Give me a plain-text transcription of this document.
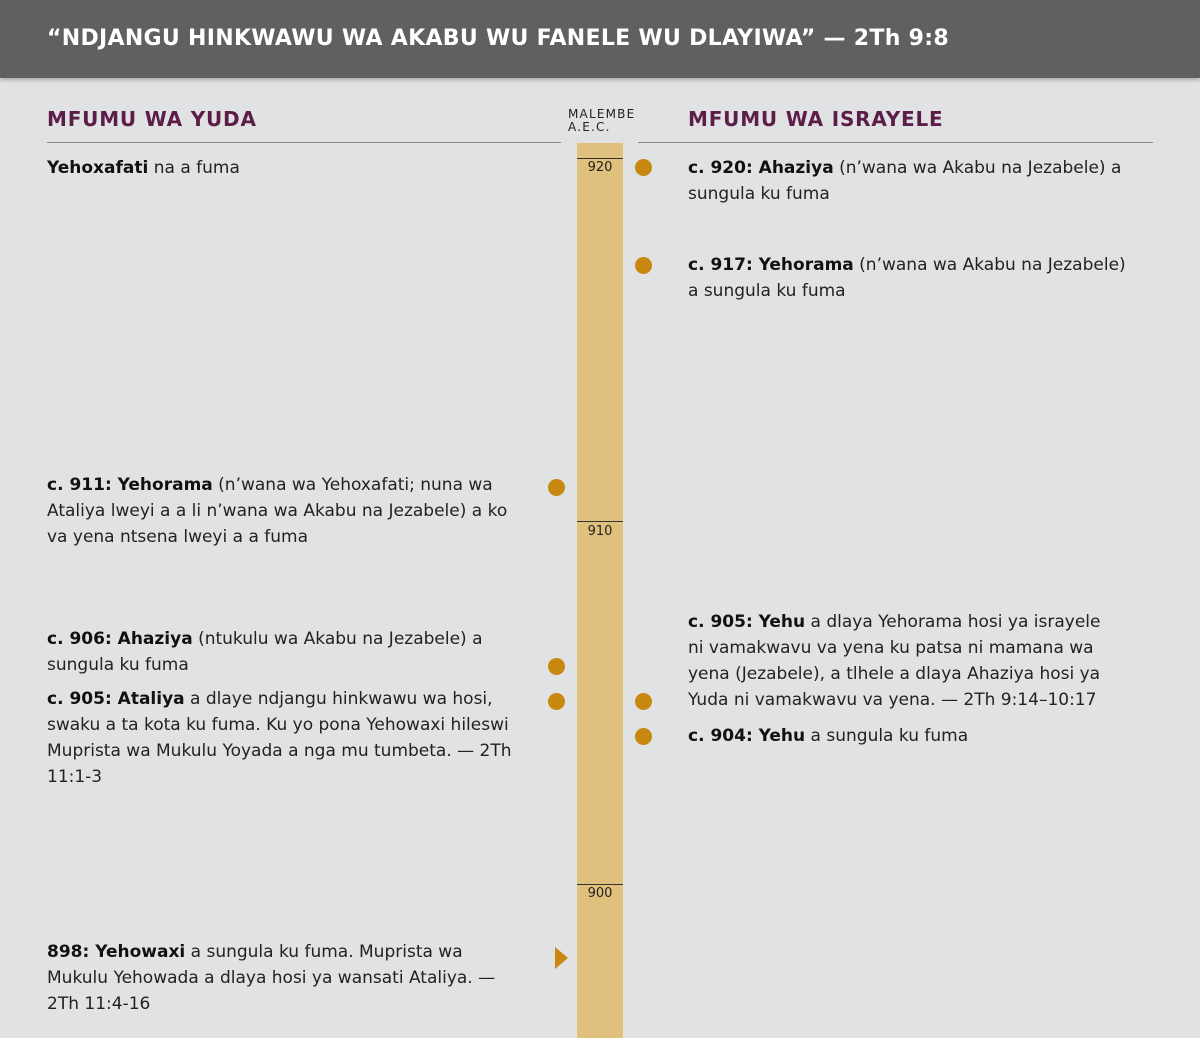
“NDJANGU HINKWAWU WA AKABU WU FANELE WU DLAYIWA” — 2Th 9:8
MFUMU WA YUDA	MALEMBE
A.E.C.	MFUMU WA ISRAYELE
920
910
900
Yehoxafati na a fuma
c. 911: Yehorama (n’wana wa Yehoxafati; nuna wa Ataliya lweyi a a li n’wana wa Akabu na Jezabele) a ko va yena ntsena lweyi a a fuma
c. 906: Ahaziya (ntukulu wa Akabu na Jezabele) a sungula ku fuma
c. 905: Ataliya a dlaye ndjangu hinkwawu wa hosi, swaku a ta kota ku fuma. Ku yo pona Yehowaxi hileswi Muprista wa Mukulu Yoyada a nga mu tumbeta. — 2Th 11:1-3
898: Yehowaxi a sungula ku fuma. Muprista wa Mukulu Yehowada a dlaya hosi ya wansati Ataliya. — 2Th 11:4-16
c. 920: Ahaziya (n’wana wa Akabu na Jezabele) a sungula ku fuma
c. 917: Yehorama (n’wana wa Akabu na Jezabele) a sungula ku fuma
c. 905: Yehu a dlaya Yehorama hosi ya israyele ni vamakwavu va yena ku patsa ni mamana wa yena (Jezabele), a tlhele a dlaya Ahaziya hosi ya Yuda ni vamakwavu va yena. — 2Th 9:14–10:17
c. 904: Yehu a sungula ku fuma
